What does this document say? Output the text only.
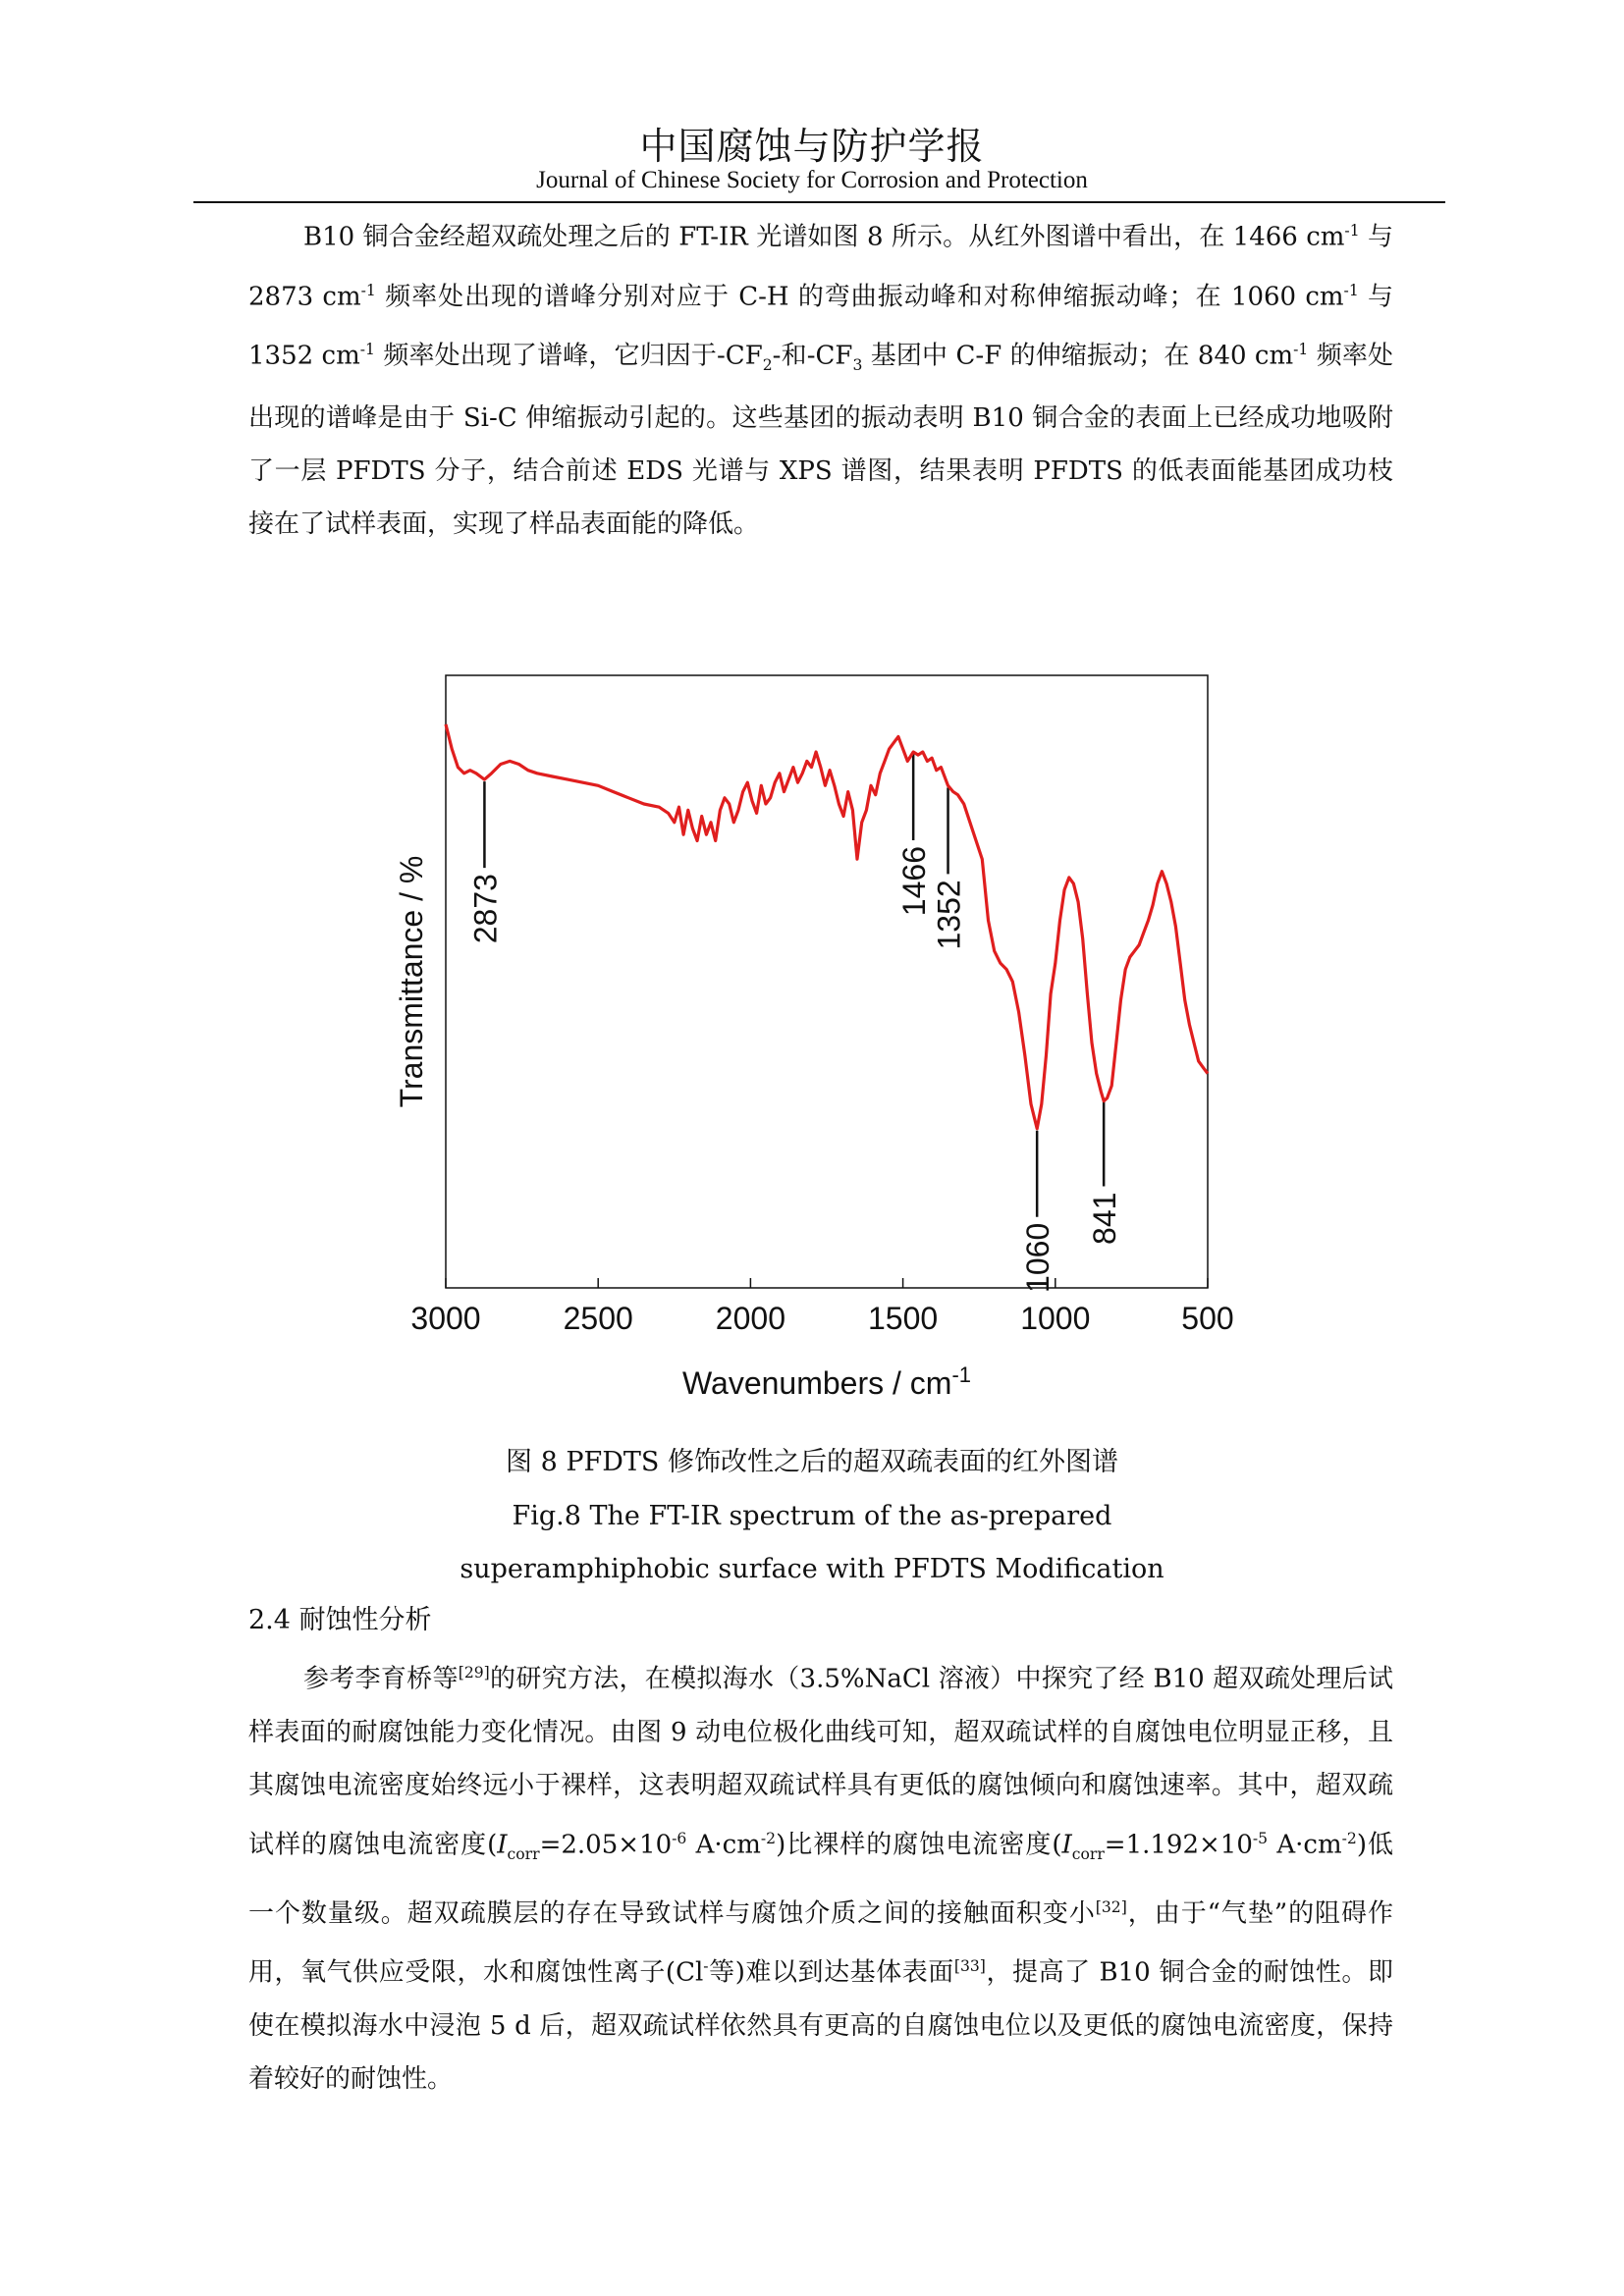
中国腐蚀与防护学报
Journal of Chinese Society for Corrosion and Protection

B10 铜合金经超双疏处理之后的 FT-IR 光谱如图 8 所示。从红外图谱中看出，在 1466 $cm^{-1}$ 与 2873 $cm^{-1}$ 频率处出现的谱峰分别对应于 C-H 的弯曲振动峰和对称伸缩振动峰；在 1060 $cm^{-1}$ 与 1352 $cm^{-1}$ 频率处出现了谱峰，它归因于$-CF_2-$和$-CF_3$ 基团中 C-F 的伸缩振动；在 840 $cm^{-1}$ 频率处出现的谱峰是由于 Si-C 伸缩振动引起的。这些基团的振动表明 B10 铜合金的表面上已经成功地吸附了一层 PFDTS 分子，结合前述 EDS 光谱与 XPS 谱图，结果表明 PFDTS 的低表面能基团成功枝接在了试样表面，实现了样品表面能的降低。

3000	2500	2000	1500	1000	500
2873	1466 1352
1060
841
Transmittance / %
Wavenumbers / $cm^{-1}$
图 8 PFDTS 修饰改性之后的超双疏表面的红外图谱
Fig.8 The FT-IR spectrum of the as-prepared superamphiphobic surface with PFDTS Modification
2.4 耐蚀性分析

参考李育桥等[29]的研究方法，在模拟海水（3.5%NaCl 溶液）中探究了经 B10 超双疏处理后试样表面的耐腐蚀能力变化情况。由图 9 动电位极化曲线可知，超双疏试样的自腐蚀电位明显正移，且其腐蚀电流密度始终远小于裸样，这表明超双疏试样具有更低的腐蚀倾向和腐蚀速率。其中，超双疏试样的腐蚀电流密度($I_{corr}=2.05\times 10^{-6}$ $A\cdot cm^{-2}$)比裸样的腐蚀电流密度($I_{corr}=1.192\times 10^{-5}$ $A\cdot cm^{-2}$)低一个数量级。超双疏膜层的存在导致试样与腐蚀介质之间的接触面积变小[32]，由于“气垫”的阻碍作用，氧气供应受限，水和腐蚀性离子(Cl-等)难以到达基体表面[33]，提高了 B10 铜合金的耐蚀性。即使在模拟海水中浸泡 5 d 后，超双疏试样依然具有更高的自腐蚀电位以及更低的腐蚀电流密度，保持着较好的耐蚀性。
